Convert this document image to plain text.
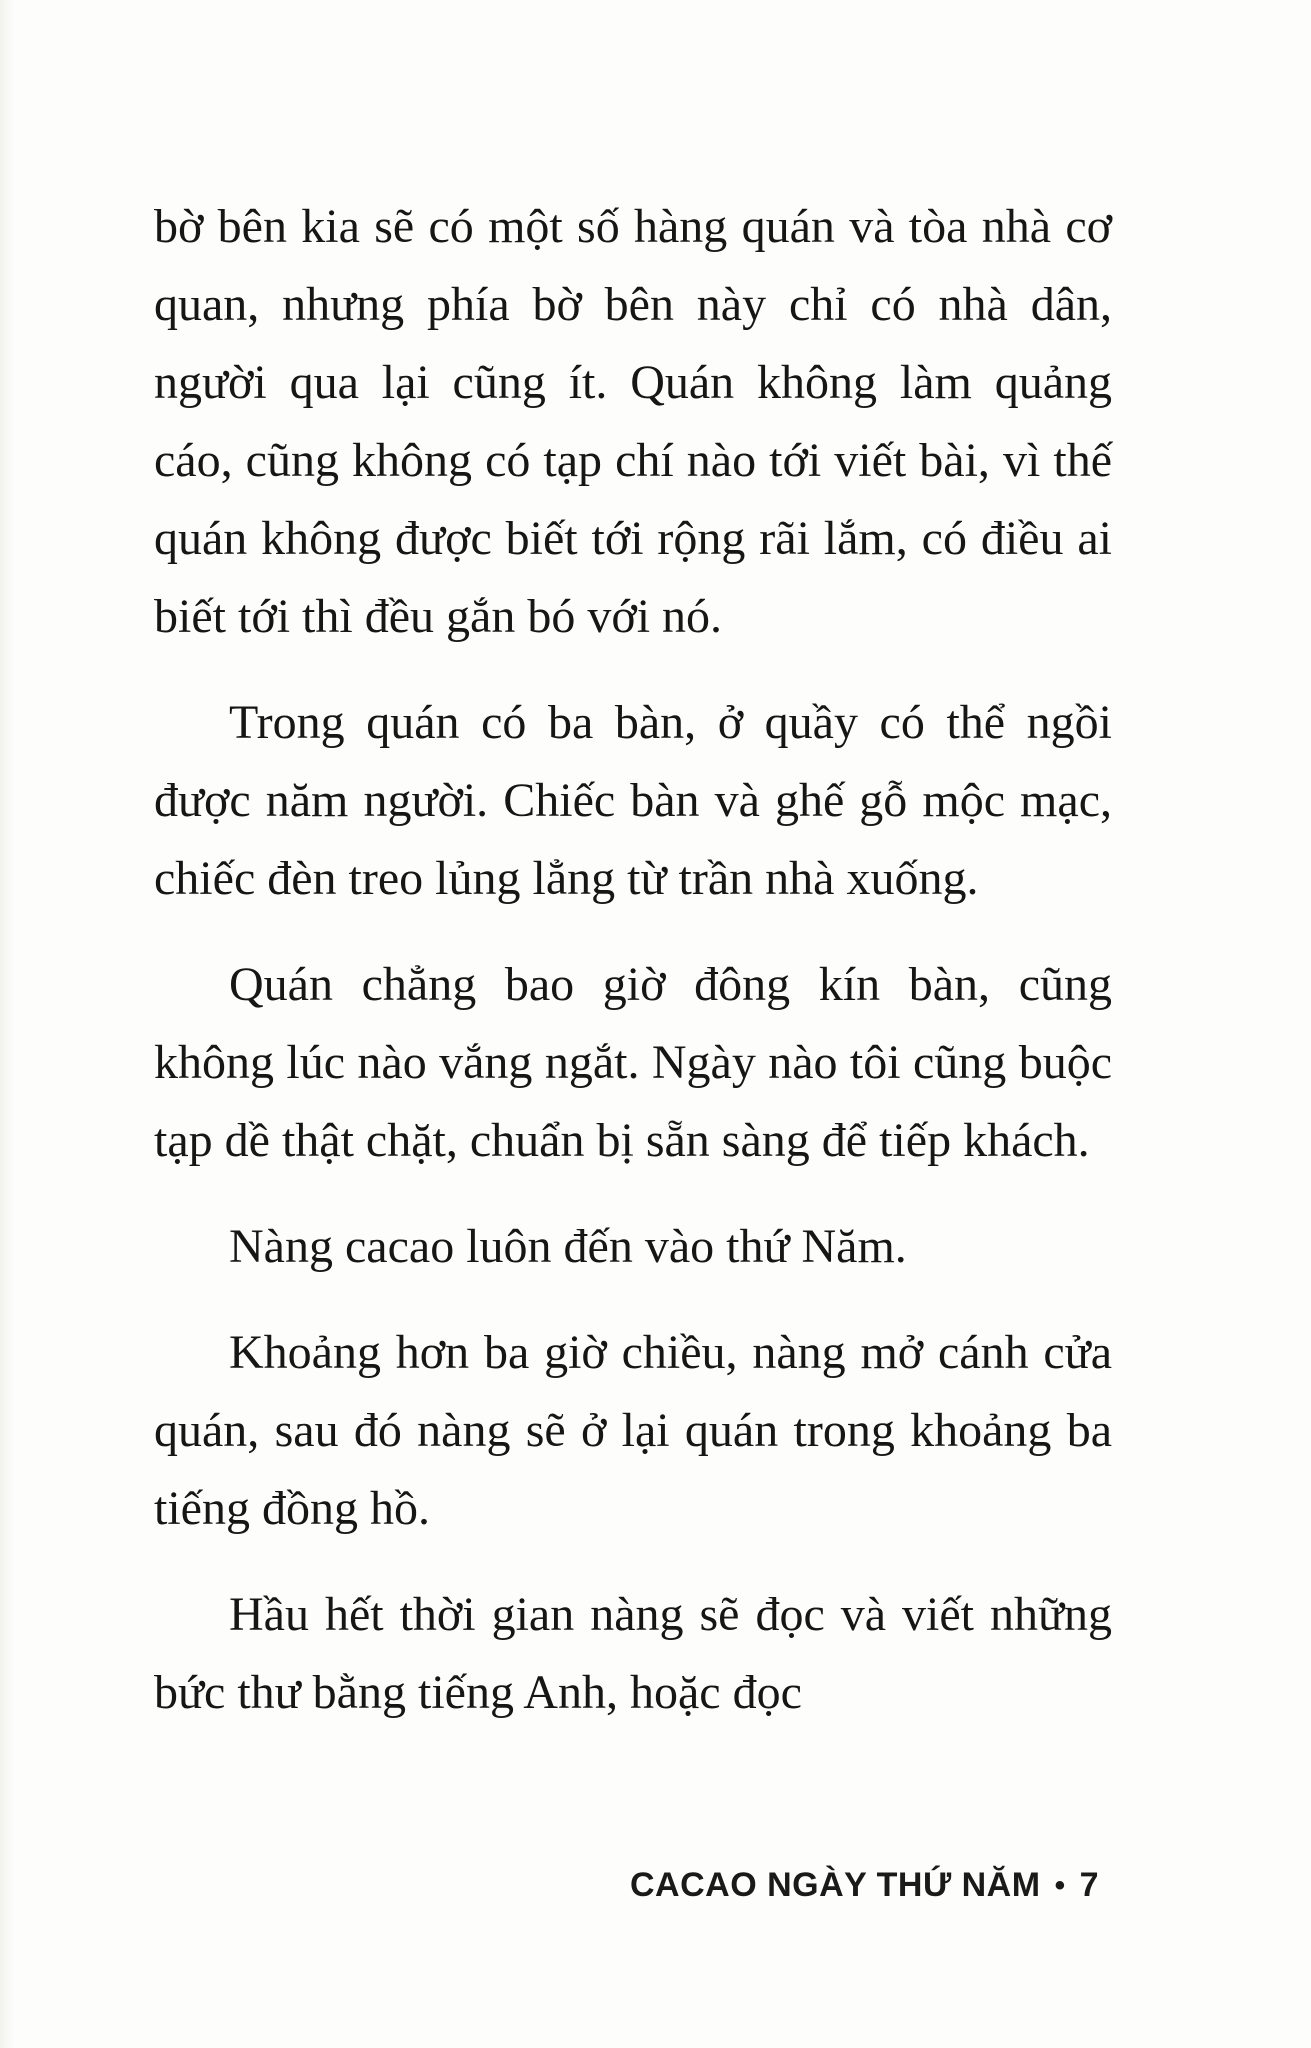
bờ bên kia sẽ có một số hàng quán và tòa nhà cơ quan, nhưng phía bờ bên này chỉ có nhà dân, người qua lại cũng ít. Quán không làm quảng cáo, cũng không có tạp chí nào tới viết bài, vì thế quán không được biết tới rộng rãi lắm, có điều ai biết tới thì đều gắn bó với nó.

Trong quán có ba bàn, ở quầy có thể ngồi được năm người. Chiếc bàn và ghế gỗ mộc mạc, chiếc đèn treo lủng lẳng từ trần nhà xuống.

Quán chẳng bao giờ đông kín bàn, cũng không lúc nào vắng ngắt. Ngày nào tôi cũng buộc tạp dề thật chặt, chuẩn bị sẵn sàng để tiếp khách.

Nàng cacao luôn đến vào thứ Năm.

Khoảng hơn ba giờ chiều, nàng mở cánh cửa quán, sau đó nàng sẽ ở lại quán trong khoảng ba tiếng đồng hồ.

Hầu hết thời gian nàng sẽ đọc và viết những bức thư bằng tiếng Anh, hoặc đọc

CACAO NGÀY THỨ NĂM • 7
